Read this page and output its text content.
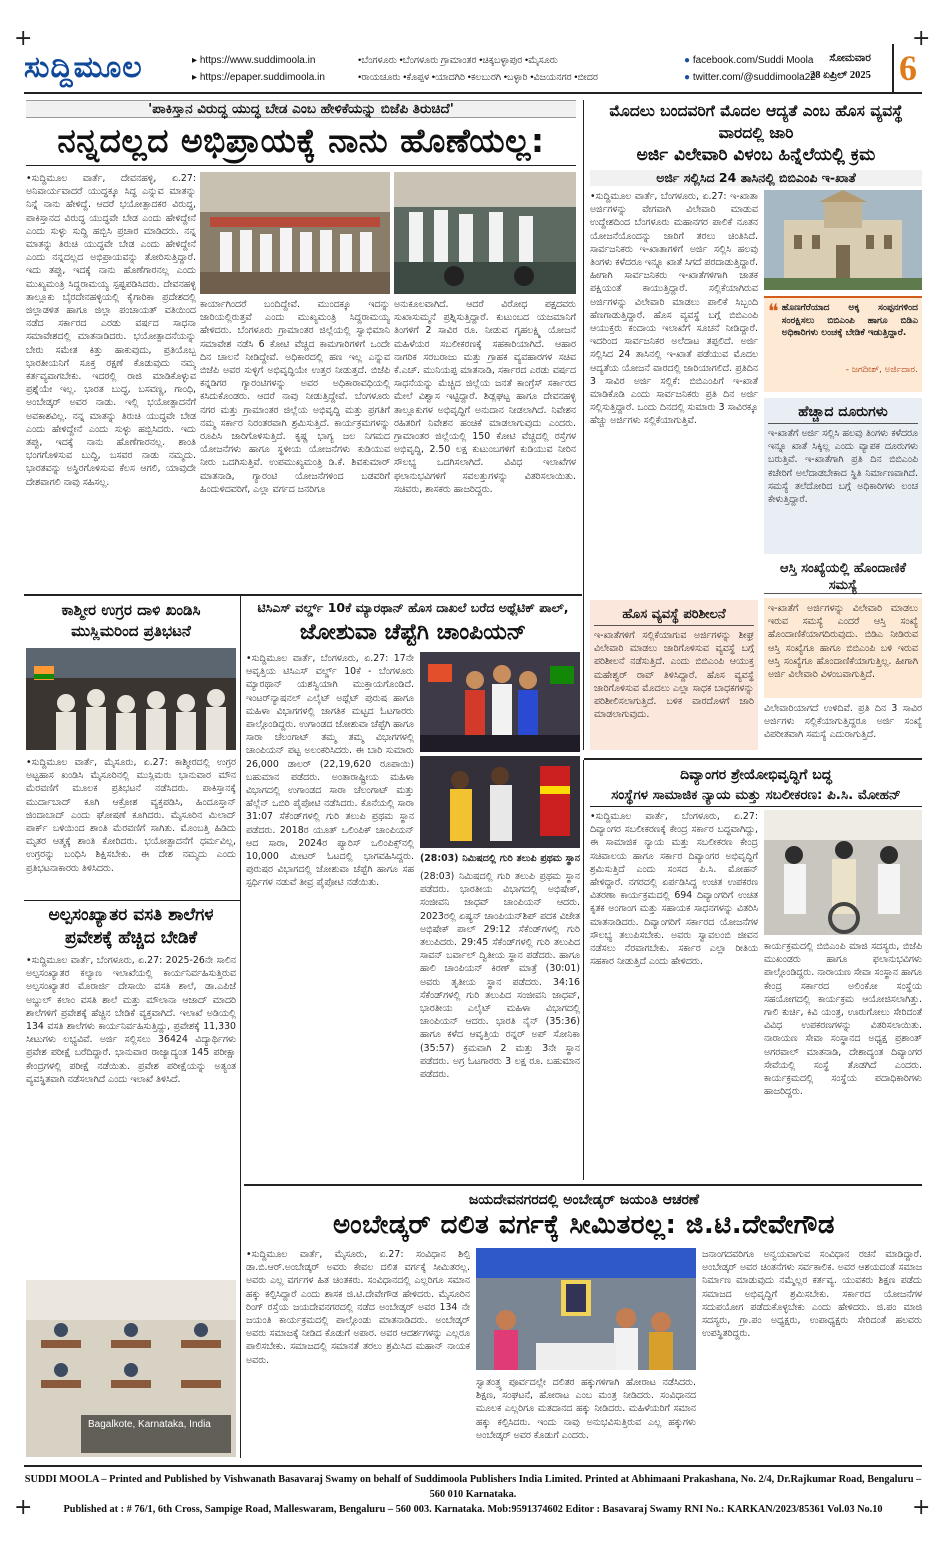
+	+
+	+
ಸುದ್ದಿಮೂಲ	▸ https://www.suddimoola.in
▸ https://epaper.suddimoola.in
•ಬೆಂಗಳೂರು •ಬೆಂಗಳೂರು ಗ್ರಾಮಾಂತರ •ಚಿಕ್ಕಬಳ್ಳಾಪುರ •ಮೈಸೂರು
•ರಾಯಚೂರು •ಕೊಪ್ಪಳ •ಯಾದಗಿರಿ •ಕಲಬುರಗಿ •ಬಳ್ಳಾರಿ •ವಿಜಯನಗರ •ಬೀದರ
● facebook.com/Suddi Moola
● twitter.com/@suddimoola22
ಸೋಮವಾರ
28 ಏಪ್ರಿಲ್ 2025 6
'ಪಾಕಿಸ್ತಾನ ವಿರುದ್ಧ ಯುದ್ಧ ಬೇಡ ಎಂಬ ಹೇಳಿಕೆಯನ್ನು ಬಿಜೆಪಿ ತಿರುಚಿದೆ'
ನನ್ನದಲ್ಲದ ಅಭಿಪ್ರಾಯಕ್ಕೆ ನಾನು ಹೊಣೆಯಲ್ಲ:
•ಸುದ್ದಿಮೂಲ ವಾರ್ತೆ, ದೇವನಹಳ್ಳಿ, ಏ.27: ಅನಿವಾರ್ಯವಾದರೆ ಯುದ್ಧಕ್ಕೂ ಸಿದ್ಧ ಎನ್ನುವ ಮಾತನ್ನು ನಿನ್ನೆ ನಾನು ಹೇಳಿದ್ದೆ. ಆದರೆ ಭಯೋತ್ಪಾದಕರ ವಿರುದ್ಧ, ಪಾಕಿಸ್ತಾನದ ವಿರುದ್ಧ ಯುದ್ಧವೇ ಬೇಡ ಎಂದು ಹೇಳಿದ್ದೇನೆ ಎಂದು ಸುಳ್ಳು ಸುದ್ದಿ ಹಬ್ಬಿಸಿ ಪ್ರಚಾರ ಮಾಡಿದರು. ನನ್ನ ಮಾತನ್ನು ತಿರುಚಿ ಯುದ್ಧವೇ ಬೇಡ ಎಂದು ಹೇಳಿದ್ದೇನೆ ಎಂದು ನನ್ನದಲ್ಲದ ಅಭಿಪ್ರಾಯವನ್ನು ತೋರಿಸುತ್ತಿದ್ದಾರೆ. ಇದು ತಪ್ಪು, ಇದಕ್ಕೆ ನಾನು ಹೊಣೆಗಾರನಲ್ಲ ಎಂದು ಮುಖ್ಯಮಂತ್ರಿ ಸಿದ್ದರಾಮಯ್ಯ ಸ್ಪಷ್ಟಪಡಿಸಿದರು. ದೇವನಹಳ್ಳಿ ತಾಲ್ಲೂಕು ಬೈರದೇನಹಳ್ಳಿಯಲ್ಲಿ ಕೈಗಾರಿಕಾ ಪ್ರದೇಶದಲ್ಲಿ ಜಿಲ್ಲಾಡಳಿತ ಹಾಗೂ ಜಿಲ್ಲಾ ಪಂಚಾಯತ್ ವತಿಯಿಂದ ನಡೆದ ಸರ್ಕಾರದ ಎರಡು ವರ್ಷದ ಸಾಧನಾ ಸಮಾವೇಶದಲ್ಲಿ ಮಾತನಾಡಿದರು. ಭಯೋತ್ಪಾದನೆಯನ್ನು ಬೇರು ಸಮೇತ ಕಿತ್ತು ಹಾಕುವುದು, ಪ್ರತಿಯೊಬ್ಬ ಭಾರತೀಯನಿಗೆ ಸೂಕ್ತ ರಕ್ಷಣೆ ಕೊಡುವುದು ನಮ್ಮ ಕರ್ತವ್ಯವಾಗಬೇಕು. ಇದರಲ್ಲಿ ರಾಜಿ ಮಾಡಿಕೊಳ್ಳುವ ಪ್ರಶ್ನೆಯೇ ಇಲ್ಲ. ಭಾರತ ಬುದ್ಧ, ಬಸವಣ್ಣ, ಗಾಂಧಿ, ಅಂಬೇಡ್ಕರ್ ಅವರ ನಾಡು. ಇಲ್ಲಿ ಭಯೋತ್ಪಾದನೆಗೆ ಅವಕಾಶವಿಲ್ಲ. ನನ್ನ ಮಾತನ್ನು ತಿರುಚಿ ಯುದ್ಧವೇ ಬೇಡ ಎಂದು ಹೇಳಿದ್ದೇನೆ ಎಂದು ಸುಳ್ಳು ಹಬ್ಬಿಸಿದರು. ಇದು ತಪ್ಪು, ಇದಕ್ಕೆ ನಾನು ಹೊಣೆಗಾರನಲ್ಲ. ಶಾಂತಿ ಭಂಗಗೊಳಿಸುವ ಬುದ್ಧಿ, ಬಸವರ ನಾಡು ನಮ್ಮದು. ಭಾರತವನ್ನು ಅಸ್ಥಿರಗೊಳಿಸುವ ಕೆಲಸ ಆಗಲಿ, ಯಾವುದೇ ದೇಶವಾಗಲಿ ನಾವು ಸಹಿಸಲ್ಲ.
ಕಾರ್ಯಾಗಿಂದರೆ ಬಂದಿದ್ದೇವೆ. ಮುಂದಕ್ಕೂ ಇದನ್ನು ಜಾರಿಯಲ್ಲಿರುತ್ತವೆ ಎಂದು ಮುಖ್ಯಮಂತ್ರಿ ಸಿದ್ದರಾಮಯ್ಯ ಹೇಳಿದರು. ಬೆಂಗಳೂರು ಗ್ರಾಮಾಂತರ ಜಿಲ್ಲೆಯಲ್ಲಿ ಸ್ವಾಭಿಮಾನಿ ಸಮಾವೇಶ ನಡೆಸಿ 6 ಕೋಟಿ ವೆಚ್ಚದ ಕಾಮಗಾರಿಗಳಿಗೆ ಒಂದೇ ದಿನ ಚಾಲನೆ ನೀಡಿದ್ದೇವೆ. ಅಧಿಕಾರದಲ್ಲಿ ಹಣ ಇಲ್ಲ ಎನ್ನುವ ಬಿಜೆಪಿ ಅವರ ಸುಳ್ಳಿಗೆ ಅಭಿವೃದ್ಧಿಯೇ ಉತ್ತರ ನೀಡುತ್ತದೆ. ಬಿಜೆಪಿ ಕನ್ನಡಿಗರ ಗ್ಯಾರಂಟಿಗಳನ್ನು ಅವರ ಅಧಿಕಾರಾವಧಿಯಲ್ಲಿ ಕಸಿದುಕೊಂಡರು. ಆದರೆ ನಾವು ನೀಡುತ್ತಿದ್ದೇವೆ. ಬೆಂಗಳೂರು ನಗರ ಮತ್ತು ಗ್ರಾಮಾಂತರ ಜಿಲ್ಲೆಯ ಅಭಿವೃದ್ಧಿ ಮತ್ತು ಪ್ರಗತಿಗೆ ನಮ್ಮ ಸರ್ಕಾರ ನಿರಂತರವಾಗಿ ಶ್ರಮಿಸುತ್ತಿದೆ. ಕಾರ್ಯಕ್ರಮಗಳನ್ನು ರೂಪಿಸಿ ಜಾರಿಗೊಳಿಸುತ್ತಿದೆ. ಕೃಷ್ಣ ಭಾಗ್ಯ ಜಲ ನಿಗಮದ ಯೋಜನೆಗಳು ಹಾಗೂ ಸ್ಥಳೀಯ ಯೋಜನೆಗಳು ಕುಡಿಯುವ ನೀರು ಒದಗಿಸುತ್ತಿವೆ. ಉಪಮುಖ್ಯಮಂತ್ರಿ ಡಿ.ಕೆ. ಶಿವಕುಮಾರ್ ಮಾತನಾಡಿ, ಗ್ಯಾರಂಟಿ ಯೋಜನೆಗಳಿಂದ ಬಡವರಿಗೆ ಹಿಂದುಳಿದವರಿಗೆ, ಎಲ್ಲಾ ವರ್ಗದ ಜನರಿಗೂ
ಅನುಕೂಲವಾಗಿದೆ. ಆದರೆ ವಿರೋಧ ಪಕ್ಷದವರು ಸುಖಾಸುಮ್ಮನೆ ಪ್ರಶ್ನಿಸುತ್ತಿದ್ದಾರೆ. ಕುಟುಂಬದ ಯಜಮಾನಿಗೆ ತಿಂಗಳಿಗೆ 2 ಸಾವಿರ ರೂ. ನೀಡುವ ಗೃಹಲಕ್ಷ್ಮಿ ಯೋಜನೆ ಮಹಿಳೆಯರ ಸಬಲೀಕರಣಕ್ಕೆ ಸಹಕಾರಿಯಾಗಿದೆ. ಆಹಾರ ನಾಗರಿಕ ಸರಬರಾಜು ಮತ್ತು ಗ್ರಾಹಕ ವ್ಯವಹಾರಗಳ ಸಚಿವ ಕೆ.ಎಚ್. ಮುನಿಯಪ್ಪ ಮಾತನಾಡಿ, ಸರ್ಕಾರದ ಎರಡು ವರ್ಷದ ಸಾಧನೆಯನ್ನು ಮೆಚ್ಚಿದ ಜಿಲ್ಲೆಯ ಜನತೆ ಕಾಂಗ್ರೆಸ್ ಸರ್ಕಾರದ ಮೇಲೆ ವಿಶ್ವಾಸ ಇಟ್ಟಿದ್ದಾರೆ. ಶಿಡ್ಲಘಟ್ಟ ಹಾಗೂ ದೇವನಹಳ್ಳಿ ತಾಲ್ಲೂಕುಗಳ ಅಭಿವೃದ್ಧಿಗೆ ಅನುದಾನ ನೀಡಲಾಗಿದೆ. ನಿವೇಶನ ರಹಿತರಿಗೆ ನಿವೇಶನ ಹಂಚಿಕೆ ಮಾಡಲಾಗುವುದು ಎಂದರು. ಗ್ರಾಮಾಂತರ ಜಿಲ್ಲೆಯಲ್ಲಿ 150 ಕೋಟಿ ವೆಚ್ಚದಲ್ಲಿ ರಸ್ತೆಗಳ ಅಭಿವೃದ್ಧಿ, 2.50 ಲಕ್ಷ ಕುಟುಂಬಗಳಿಗೆ ಕುಡಿಯುವ ನೀರಿನ ಸೌಲಭ್ಯ ಒದಗಿಸಲಾಗಿದೆ. ವಿವಿಧ ಇಲಾಖೆಗಳ ಫಲಾನುಭವಿಗಳಿಗೆ ಸವಲತ್ತುಗಳನ್ನು ವಿತರಿಸಲಾಯಿತು. ಸಚಿವರು, ಶಾಸಕರು ಹಾಜರಿದ್ದರು.
ಮೊದಲು ಬಂದವರಿಗೆ ಮೊದಲ ಆದ್ಯತೆ ಎಂಬ ಹೊಸ ವ್ಯವಸ್ಥೆ ವಾರದಲ್ಲಿ ಜಾರಿ
ಅರ್ಜಿ ವಿಲೇವಾರಿ ವಿಳಂಬ ಹಿನ್ನೆಲೆಯಲ್ಲಿ ಕ್ರಮ
ಅರ್ಜಿ ಸಲ್ಲಿಸಿದ 24 ತಾಸಿನಲ್ಲಿ ಬಿಬಿಎಂಪಿ ಇ-ಖಾತೆ
•ಸುದ್ದಿಮೂಲ ವಾರ್ತೆ, ಬೆಂಗಳೂರು, ಏ.27: ಇ-ಖಾತಾ ಅರ್ಜಿಗಳನ್ನು ವೇಗವಾಗಿ ವಿಲೇವಾರಿ ಮಾಡುವ ಉದ್ದೇಶದಿಂದ ಬೆಂಗಳೂರು ಮಹಾನಗರ ಪಾಲಿಕೆ ನೂತನ ಯೋಜನೆಯೊಂದನ್ನು ಜಾರಿಗೆ ತರಲು ಚಿಂತಿಸಿದೆ. ಸಾರ್ವಜನಿಕರು ಇ-ಖಾತಾಗಳಿಗೆ ಅರ್ಜಿ ಸಲ್ಲಿಸಿ ಹಲವು ತಿಂಗಳು ಕಳೆದರೂ ಇನ್ನೂ ಖಾತೆ ಸಿಗದೆ ಪರದಾಡುತ್ತಿದ್ದಾರೆ. ಹೀಗಾಗಿ ಸಾರ್ವಜನಿಕರು ಇ-ಖಾತೆಗಳಿಗಾಗಿ ಜಾತಕ ಪಕ್ಷಿಯಂತೆ ಕಾಯುತ್ತಿದ್ದಾರೆ. ಸಲ್ಲಿಕೆಯಾಗಿರುವ ಅರ್ಜಿಗಳನ್ನು ವಿಲೇವಾರಿ ಮಾಡಲು ಪಾಲಿಕೆ ಸಿಬ್ಬಂದಿ ಹೆಣಗಾಡುತ್ತಿದ್ದಾರೆ. ಹೊಸ ವ್ಯವಸ್ಥೆ ಬಗ್ಗೆ ಬಿಬಿಎಂಪಿ ಆಯುಕ್ತರು ಕಂದಾಯ ಇಲಾಖೆಗೆ ಸೂಚನೆ ನೀಡಿದ್ದಾರೆ. ಇದರಿಂದ ಸಾರ್ವಜನಿಕರ ಅಲೆದಾಟ ತಪ್ಪಲಿದೆ. ಅರ್ಜಿ ಸಲ್ಲಿಸಿದ 24 ತಾಸಿನಲ್ಲಿ ಇ-ಖಾತೆ ಪಡೆಯುವ ಮೊದಲ ಆದ್ಯತೆಯ ಯೋಜನೆ ವಾರದಲ್ಲಿ ಜಾರಿಯಾಗಲಿದೆ. ಪ್ರತಿದಿನ 3 ಸಾವಿರ ಅರ್ಜಿ ಸಲ್ಲಿಕೆ: ಬಿಬಿಎಂಪಿಗೆ ಇ-ಖಾತೆ ಮಾಡಿಕೊಡಿ ಎಂದು ಸಾರ್ವಜನಿಕರು ಪ್ರತಿ ದಿನ ಅರ್ಜಿ ಸಲ್ಲಿಸುತ್ತಿದ್ದಾರೆ. ಒಂದು ದಿನದಲ್ಲಿ ಸುಮಾರು 3 ಸಾವಿರಕ್ಕೂ ಹೆಚ್ಚು ಅರ್ಜಿಗಳು ಸಲ್ಲಿಕೆಯಾಗುತ್ತಿವೆ.
❝ ಹೊಣಗೆರೆಯಾದ ಅಕ್ಕ ಸಂಪ್ಪನಗಳಿಂದ ಸಂರಕ್ಷಿಸಲು ಬಿಬಿಎಂಪಿ ಹಾಗೂ ಬಿಡಿಎ ಅಧಿಕಾರಿಗಳು ಲಂಚಕ್ಕೆ ಬೇಡಿಕೆ ಇಡುತ್ತಿದ್ದಾರೆ.
- ಜಗದೀಶ್, ಅರ್ಜಿದಾರ.
ಹೆಚ್ಚಾದ ದೂರುಗಳು
ಇ-ಖಾತೆಗೆ ಅರ್ಜಿ ಸಲ್ಲಿಸಿ ಹಲವು ತಿಂಗಳು ಕಳೆದರೂ ಇನ್ನೂ ಖಾತೆ ಸಿಕ್ಕಿಲ್ಲ ಎಂದು ವ್ಯಾಪಕ ದೂರುಗಳು ಬರುತ್ತಿವೆ. ಇ-ಖಾತೆಗಾಗಿ ಪ್ರತಿ ದಿನ ಬಿಬಿಎಂಪಿ ಕಚೇರಿಗೆ ಅಲೆದಾಡಬೇಕಾದ ಸ್ಥಿತಿ ನಿರ್ಮಾಣವಾಗಿದೆ. ಸಮಸ್ಯೆ ತಲೆದೋರಿದ ಬಗ್ಗೆ ಅಧಿಕಾರಿಗಳು ಲಂಚ ಕೇಳುತ್ತಿದ್ದಾರೆ.
ಆಸ್ತಿ ಸಂಖ್ಯೆಯಲ್ಲಿ ಹೊಂದಾಣಿಕೆ ಸಮಸ್ಯೆ
ಹೊಸ ವ್ಯವಸ್ಥೆ ಪರಿಶೀಲನೆ
ಇ-ಖಾತೆಗಳಿಗೆ ಸಲ್ಲಿಕೆಯಾಗುವ ಅರ್ಜಿಗಳನ್ನು ಶೀಘ್ರ ವಿಲೇವಾರಿ ಮಾಡಲು ಜಾರಿಗೊಳಿಸುವ ವ್ಯವಸ್ಥೆ ಬಗ್ಗೆ ಪರಿಶೀಲನೆ ನಡೆಸುತ್ತಿದೆ. ಎಂದು ಬಿಬಿಎಂಪಿ ಆಯುಕ್ತ ಮಹೇಶ್ವರ್ ರಾವ್ ತಿಳಿಸಿದ್ದಾರೆ. ಹೊಸ ವ್ಯವಸ್ಥೆ ಜಾರಿಗೊಳಿಸುವ ಮೊದಲು ಎಲ್ಲಾ ಸಾಧಕ ಬಾಧಕಗಳನ್ನು ಪರಿಶೀಲಿಸಲಾಗುತ್ತಿದೆ. ಬಳಿಕ ವಾರದೊಳಗೆ ಜಾರಿ ಮಾಡಲಾಗುವುದು.
ಇ-ಖಾತೆಗೆ ಅರ್ಜಿಗಳನ್ನು ವಿಲೇವಾರಿ ಮಾಡಲು ಇರುವ ಸಮಸ್ಯೆ ಎಂದರೆ ಆಸ್ತಿ ಸಂಖ್ಯೆ ಹೊಂದಾಣಿಕೆಯಾಗದಿರುವುದು. ಬಿಡಿಎ ನೀಡಿರುವ ಆಸ್ತಿ ಸಂಖ್ಯೆಗೂ ಹಾಗೂ ಬಿಬಿಎಂಪಿ ಬಳಿ ಇರುವ ಆಸ್ತಿ ಸಂಖ್ಯೆಗೂ ಹೊಂದಾಣಿಕೆಯಾಗುತ್ತಿಲ್ಲ. ಹೀಗಾಗಿ ಅರ್ಜಿ ವಿಲೇವಾರಿ ವಿಳಂಬವಾಗುತ್ತಿದೆ.
ವಿಲೇವಾರಿಯಾಗದೆ ಉಳಿದಿವೆ. ಪ್ರತಿ ದಿನ 3 ಸಾವಿರ ಅರ್ಜಿಗಳು ಸಲ್ಲಿಕೆಯಾಗುತ್ತಿದ್ದರೂ ಅರ್ಜಿ ಸಂಖ್ಯೆ ವಿಪರೀತವಾಗಿ ಸಮಸ್ಯೆ ಎದುರಾಗುತ್ತಿದೆ.
ಕಾಶ್ಮೀರ ಉಗ್ರರ ದಾಳಿ ಖಂಡಿಸಿ ಮುಸ್ಲಿಮರಿಂದ ಪ್ರತಿಭಟನೆ
•ಸುದ್ದಿಮೂಲ ವಾರ್ತೆ, ಮೈಸೂರು, ಏ.27: ಕಾಶ್ಮೀರದಲ್ಲಿ ಉಗ್ರರ ಅಟ್ಟಹಾಸ ಖಂಡಿಸಿ ಮೈಸೂರಿನಲ್ಲಿ ಮುಸ್ಲಿಮರು ಭಾನುವಾರ ಮೌನ ಮೆರವಣಿಗೆ ಮೂಲಕ ಪ್ರತಿಭಟನೆ ನಡೆಸಿದರು. ಪಾಕಿಸ್ತಾನಕ್ಕೆ ಮುರ್ದಾಬಾದ್ ಕೂಗಿ ಆಕ್ರೋಶ ವ್ಯಕ್ತಪಡಿಸಿ, ಹಿಂದೂಸ್ತಾನ್ ಜಿಂದಾಬಾದ್ ಎಂದು ಘೋಷಣೆ ಕೂಗಿದರು. ಮೈಸೂರಿನ ಮಿಲಾದ್ ಪಾರ್ಕ್ ಬಳಿಯಿಂದ ಶಾಂತಿ ಮೆರವಣಿಗೆ ಸಾಗಿತು. ಮೊಂಬತ್ತಿ ಹಿಡಿದು ಮೃತರ ಆತ್ಮಕ್ಕೆ ಶಾಂತಿ ಕೋರಿದರು. ಭಯೋತ್ಪಾದನೆಗೆ ಧರ್ಮವಿಲ್ಲ, ಉಗ್ರರನ್ನು ಬಂಧಿಸಿ ಶಿಕ್ಷಿಸಬೇಕು. ಈ ದೇಶ ನಮ್ಮದು ಎಂದು ಪ್ರತಿಭಟನಾಕಾರರು ತಿಳಿಸಿದರು.
ಅಲ್ಪಸಂಖ್ಯಾತರ ವಸತಿ ಶಾಲೆಗಳ ಪ್ರವೇಶಕ್ಕೆ ಹೆಚ್ಚಿದ ಬೇಡಿಕೆ
•ಸುದ್ದಿಮೂಲ ವಾರ್ತೆ, ಬೆಂಗಳೂರು, ಏ.27: 2025-26ನೇ ಸಾಲಿನ ಅಲ್ಪಸಂಖ್ಯಾತರ ಕಲ್ಯಾಣ ಇಲಾಖೆಯಲ್ಲಿ ಕಾರ್ಯನಿರ್ವಹಿಸುತ್ತಿರುವ ಅಲ್ಪಸಂಖ್ಯಾತರ ಮೊರಾರ್ಜಿ ದೇಸಾಯಿ ವಸತಿ ಶಾಲೆ, ಡಾ.ಎಪಿಜೆ ಅಬ್ದುಲ್ ಕಲಾಂ ವಸತಿ ಶಾಲೆ ಮತ್ತು ಮೌಲಾನಾ ಆಜಾದ್ ಮಾದರಿ ಶಾಲೆಗಳಿಗೆ ಪ್ರವೇಶಕ್ಕೆ ಹೆಚ್ಚಿನ ಬೇಡಿಕೆ ವ್ಯಕ್ತವಾಗಿದೆ. ಇಲಾಖೆ ಅಡಿಯಲ್ಲಿ 134 ವಸತಿ ಶಾಲೆಗಳು ಕಾರ್ಯನಿರ್ವಹಿಸುತ್ತಿದ್ದು, ಪ್ರವೇಶಕ್ಕೆ 11,330 ಸೀಟುಗಳು ಲಭ್ಯವಿವೆ. ಅರ್ಜಿ ಸಲ್ಲಿಸಲು 36424 ವಿದ್ಯಾರ್ಥಿಗಳು ಪ್ರವೇಶ ಪರೀಕ್ಷೆ ಬರೆದಿದ್ದಾರೆ. ಭಾನುವಾರ ರಾಜ್ಯಾದ್ಯಂತ 145 ಪರೀಕ್ಷಾ ಕೇಂದ್ರಗಳಲ್ಲಿ ಪರೀಕ್ಷೆ ನಡೆಯಿತು. ಪ್ರವೇಶ ಪರೀಕ್ಷೆಯನ್ನು ಅತ್ಯಂತ ವ್ಯವಸ್ಥಿತವಾಗಿ ನಡೆಸಲಾಗಿದೆ ಎಂದು ಇಲಾಖೆ ತಿಳಿಸಿದೆ.
Bagalkote, Karnataka, India
ಟಿಸಿಎಸ್ ವರ್ಲ್ಡ್ 10ಕೆ ಮ್ಯಾರಥಾನ್ ಹೊಸ ದಾಖಲೆ ಬರೆದ ಅಥ್ಲೆಟಿಕ್ ಪಾಲ್,
ಜೋಶುವಾ ಚೆಪ್ಟೆಗಿ ಚಾಂಪಿಯನ್
•ಸುದ್ದಿಮೂಲ ವಾರ್ತೆ, ಬೆಂಗಳೂರು, ಏ.27: 17ನೇ ಆವೃತ್ತಿಯ ಟಿಸಿಎಸ್ ವರ್ಲ್ಡ್ 10ಕೆ - ಬೆಂಗಳೂರು ಮ್ಯಾರಥಾನ್ ಯಶಸ್ವಿಯಾಗಿ ಮುಕ್ತಾಯಗೊಂಡಿದೆ. ಇಂಟರ್‌ನ್ಯಾಷನಲ್ ಎಲೈಟ್ ಅಥ್ಲೆಟ್ ಪುರುಷ ಹಾಗೂ ಮಹಿಳಾ ವಿಭಾಗಗಳಲ್ಲಿ ಜಾಗತಿಕ ಮಟ್ಟದ ಓಟಗಾರರು ಪಾಲ್ಗೊಂಡಿದ್ದರು. ಉಗಾಂಡದ ಜೋಶುವಾ ಚೆಪ್ಟೆಗಿ ಹಾಗೂ ಸಾರಾ ಚೆಲಂಗಾಟ್ ತಮ್ಮ ತಮ್ಮ ವಿಭಾಗಗಳಲ್ಲಿ ಚಾಂಪಿಯನ್ ಪಟ್ಟ ಅಲಂಕರಿಸಿದರು. ಈ ಬಾರಿ ಸುಮಾರು 26,000 ಡಾಲರ್ (22,19,620 ರೂಪಾಯಿ) ಬಹುಮಾನ ಪಡೆದರು. ಅಂತಾರಾಷ್ಟ್ರೀಯ ಮಹಿಳಾ ವಿಭಾಗದಲ್ಲಿ ಉಗಾಂಡದ ಸಾರಾ ಚೆಲಂಗಾಟ್ ಮತ್ತು ಹೆಲ್ಲೆನ್ ಒಬಿರಿ ಪೈಪೋಟಿ ನಡೆಸಿದರು. ಕೊನೆಯಲ್ಲಿ ಸಾರಾ 31:07 ಸೆಕೆಂಡ್‌ಗಳಲ್ಲಿ ಗುರಿ ತಲುಪಿ ಪ್ರಥಮ ಸ್ಥಾನ ಪಡೆದರು. 2018ರ ಯೂತ್ ಒಲಿಂಪಿಕ್ ಚಾಂಪಿಯನ್ ಆದ ಸಾರಾ, 2024ರ ಪ್ಯಾರಿಸ್ ಒಲಿಂಪಿಕ್ಸ್‌ನಲ್ಲಿ 10,000 ಮೀಟರ್ ಓಟದಲ್ಲಿ ಭಾಗವಹಿಸಿದ್ದರು. ಪುರುಷರ ವಿಭಾಗದಲ್ಲಿ ಜೋಶುವಾ ಚೆಪ್ಟೆಗಿ ಹಾಗೂ ಸಹ ಸ್ಪರ್ಧಿಗಳ ನಡುವೆ ತೀವ್ರ ಪೈಪೋಟಿ ನಡೆಯಿತು.
(28:03) ನಿಮಿಷದಲ್ಲಿ ಗುರಿ ತಲುಪಿ ಪ್ರಥಮ ಸ್ಥಾನ
(28:03) ನಿಮಿಷದಲ್ಲಿ ಗುರಿ ತಲುಪಿ ಪ್ರಥಮ ಸ್ಥಾನ ಪಡೆದರು. ಭಾರತೀಯ ವಿಭಾಗದಲ್ಲಿ ಅಭಿಷೇಕ್, ಸಂಜೀವನಿ ಜಾಧವ್ ಚಾಂಪಿಯನ್ ಆದರು. 2023ರಲ್ಲಿ ಏಷ್ಯನ್ ಚಾಂಪಿಯನ್‌ಶಿಪ್ ಪದಕ ವಿಜೇತ ಅಭಿಷೇಕ್ ಪಾಲ್ 29:12 ಸೆಕೆಂಡ್‌ಗಳಲ್ಲಿ ಗುರಿ ತಲುಪಿದರು. 29:45 ಸೆಕೆಂಡ್‌ಗಳಲ್ಲಿ ಗುರಿ ತಲುಪಿದ ಸಾವನ್ ಬರ್ವಾಲ್ ದ್ವಿತೀಯ ಸ್ಥಾನ ಪಡೆದರು. ಹಾಗೂ ಹಾಲಿ ಚಾಂಪಿಯನ್ ಕಿರಣ್ ಮಾತ್ರೆ (30:01) ಅವರು ತೃತೀಯ ಸ್ಥಾನ ಪಡೆದರು. 34:16 ಸೆಕೆಂಡ್‌ಗಳಲ್ಲಿ ಗುರಿ ತಲುಪಿದ ಸಂಜೀವನಿ ಜಾಧವ್, ಭಾರತೀಯ ಎಲೈಟ್ ಮಹಿಳಾ ವಿಭಾಗದಲ್ಲಿ ಚಾಂಪಿಯನ್ ಆದರು. ಭಾರತಿ ನೈನ್ (35:36) ಹಾಗೂ ಕಳೆದ ಆವೃತ್ತಿಯ ರನ್ನರ್ ಅಪ್ ಸೋನಿಕಾ (35:57) ಕ್ರಮವಾಗಿ 2 ಮತ್ತು 3ನೇ ಸ್ಥಾನ ಪಡೆದರು. ಅಗ್ರ ಓಟಗಾರರು 3 ಲಕ್ಷ ರೂ. ಬಹುಮಾನ ಪಡೆದರು.
ದಿವ್ಯಾಂಗರ ಶ್ರೇಯೋಭಿವೃದ್ಧಿಗೆ ಬದ್ಧ
ಸಂಸ್ಥೆಗಳ ಸಾಮಾಜಿಕ ನ್ಯಾಯ ಮತ್ತು ಸಬಲೀಕರಣ: ಪಿ.ಸಿ. ಮೋಹನ್
•ಸುದ್ದಿಮೂಲ ವಾರ್ತೆ, ಬೆಂಗಳೂರು, ಏ.27: ದಿವ್ಯಾಂಗರ ಸಬಲೀಕರಣಕ್ಕೆ ಕೇಂದ್ರ ಸರ್ಕಾರ ಬದ್ಧವಾಗಿದ್ದು, ಈ ಸಾಮಾಜಿಕ ನ್ಯಾಯ ಮತ್ತು ಸಬಲೀಕರಣ ಕೇಂದ್ರ ಸಚಿವಾಲಯ ಹಾಗೂ ಸರ್ಕಾರ ದಿವ್ಯಾಂಗರ ಅಭಿವೃದ್ಧಿಗೆ ಶ್ರಮಿಸುತ್ತಿದೆ ಎಂದು ಸಂಸದ ಪಿ.ಸಿ. ಮೋಹನ್ ಹೇಳಿದ್ದಾರೆ. ನಗರದಲ್ಲಿ ಏರ್ಪಡಿಸಿದ್ದ ಉಚಿತ ಉಪಕರಣ ವಿತರಣಾ ಕಾರ್ಯಕ್ರಮದಲ್ಲಿ 694 ದಿವ್ಯಾಂಗರಿಗೆ ಉಚಿತ ಕೃತಕ ಅಂಗಾಂಗ ಮತ್ತು ಸಹಾಯಕ ಸಾಧನಗಳನ್ನು ವಿತರಿಸಿ ಮಾತನಾಡಿದರು. ದಿವ್ಯಾಂಗರಿಗೆ ಸರ್ಕಾರದ ಯೋಜನೆಗಳ ಸೌಲಭ್ಯ ತಲುಪಿಸಬೇಕು. ಅವರು ಸ್ವಾವಲಂಬಿ ಜೀವನ ನಡೆಸಲು ನೆರವಾಗಬೇಕು. ಸರ್ಕಾರ ಎಲ್ಲಾ ರೀತಿಯ ಸಹಕಾರ ನೀಡುತ್ತಿದೆ ಎಂದು ಹೇಳಿದರು.
ಕಾರ್ಯಕ್ರಮದಲ್ಲಿ ಬಿಬಿಎಂಪಿ ಮಾಜಿ ಸದಸ್ಯರು, ಬಿಜೆಪಿ ಮುಖಂಡರು ಹಾಗೂ ಫಲಾನುಭವಿಗಳು ಪಾಲ್ಗೊಂಡಿದ್ದರು. ನಾರಾಯಣ ಸೇವಾ ಸಂಸ್ಥಾನ ಹಾಗೂ ಕೇಂದ್ರ ಸರ್ಕಾರದ ಅಲಿಂಕೋ ಸಂಸ್ಥೆಯ ಸಹಯೋಗದಲ್ಲಿ ಕಾರ್ಯಕ್ರಮ ಆಯೋಜಿಸಲಾಗಿತ್ತು. ಗಾಲಿ ಕುರ್ಚಿ, ಕಿವಿ ಯಂತ್ರ, ಊರುಗೋಲು ಸೇರಿದಂತೆ ವಿವಿಧ ಉಪಕರಣಗಳನ್ನು ವಿತರಿಸಲಾಯಿತು. ನಾರಾಯಣ ಸೇವಾ ಸಂಸ್ಥಾನದ ಅಧ್ಯಕ್ಷ ಪ್ರಶಾಂತ್ ಅಗರವಾಲ್ ಮಾತನಾಡಿ, ದೇಶಾದ್ಯಂತ ದಿವ್ಯಾಂಗರ ಸೇವೆಯಲ್ಲಿ ಸಂಸ್ಥೆ ತೊಡಗಿದೆ ಎಂದರು. ಕಾರ್ಯಕ್ರಮದಲ್ಲಿ ಸಂಸ್ಥೆಯ ಪದಾಧಿಕಾರಿಗಳು ಹಾಜರಿದ್ದರು.
ಜಯದೇವನಗರದಲ್ಲಿ ಅಂಬೇಡ್ಕರ್ ಜಯಂತಿ ಆಚರಣೆ
ಅಂಬೇಡ್ಕರ್ ದಲಿತ ವರ್ಗಕ್ಕೆ ಸೀಮಿತರಲ್ಲ: ಜಿ.ಟಿ.ದೇವೇಗೌಡ
•ಸುದ್ದಿಮೂಲ ವಾರ್ತೆ, ಮೈಸೂರು, ಏ.27: ಸಂವಿಧಾನ ಶಿಲ್ಪಿ ಡಾ.ಬಿ.ಆರ್.ಅಂಬೇಡ್ಕರ್ ಅವರು ಕೇವಲ ದಲಿತ ವರ್ಗಕ್ಕೆ ಸೀಮಿತರಲ್ಲ. ಅವರು ಎಲ್ಲ ವರ್ಗಗಳ ಹಿತ ಚಿಂತಕರು. ಸಂವಿಧಾನದಲ್ಲಿ ಎಲ್ಲರಿಗೂ ಸಮಾನ ಹಕ್ಕು ಕಲ್ಪಿಸಿದ್ದಾರೆ ಎಂದು ಶಾಸಕ ಜಿ.ಟಿ.ದೇವೇಗೌಡ ಹೇಳಿದರು. ಮೈಸೂರಿನ ರಿಂಗ್ ರಸ್ತೆಯ ಜಯದೇವನಗರದಲ್ಲಿ ನಡೆದ ಅಂಬೇಡ್ಕರ್ ಅವರ 134 ನೇ ಜಯಂತಿ ಕಾರ್ಯಕ್ರಮದಲ್ಲಿ ಪಾಲ್ಗೊಂಡು ಮಾತನಾಡಿದರು. ಅಂಬೇಡ್ಕರ್ ಅವರು ಸಮಾಜಕ್ಕೆ ನೀಡಿದ ಕೊಡುಗೆ ಅಪಾರ. ಅವರ ಆದರ್ಶಗಳನ್ನು ಎಲ್ಲರೂ ಪಾಲಿಸಬೇಕು. ಸಮಾಜದಲ್ಲಿ ಸಮಾನತೆ ತರಲು ಶ್ರಮಿಸಿದ ಮಹಾನ್ ನಾಯಕ ಅವರು.
ಸ್ವಾತಂತ್ರ್ಯ ಪೂರ್ವದಲ್ಲೇ ದಲಿತರ ಹಕ್ಕುಗಳಿಗಾಗಿ ಹೋರಾಟ ನಡೆಸಿದರು. ಶಿಕ್ಷಣ, ಸಂಘಟನೆ, ಹೋರಾಟ ಎಂಬ ಮಂತ್ರ ನೀಡಿದರು. ಸಂವಿಧಾನದ ಮೂಲಕ ಎಲ್ಲರಿಗೂ ಮತದಾನದ ಹಕ್ಕು ನೀಡಿದರು. ಮಹಿಳೆಯರಿಗೆ ಸಮಾನ ಹಕ್ಕು ಕಲ್ಪಿಸಿದರು. ಇಂದು ನಾವು ಅನುಭವಿಸುತ್ತಿರುವ ಎಲ್ಲ ಹಕ್ಕುಗಳು ಅಂಬೇಡ್ಕರ್ ಅವರ ಕೊಡುಗೆ ಎಂದರು.
ಜನಾಂಗದವರಿಗೂ ಅನ್ವಯವಾಗುವ ಸಂವಿಧಾನ ರಚನೆ ಮಾಡಿದ್ದಾರೆ. ಅಂಬೇಡ್ಕರ್ ಅವರ ಚಿಂತನೆಗಳು ಸರ್ವಕಾಲಿಕ. ಅವರ ಆಶಯದಂತೆ ಸಮಾಜ ನಿರ್ಮಾಣ ಮಾಡುವುದು ನಮ್ಮೆಲ್ಲರ ಕರ್ತವ್ಯ. ಯುವಕರು ಶಿಕ್ಷಣ ಪಡೆದು ಸಮಾಜದ ಅಭಿವೃದ್ಧಿಗೆ ಶ್ರಮಿಸಬೇಕು. ಸರ್ಕಾರದ ಯೋಜನೆಗಳ ಸದುಪಯೋಗ ಪಡೆದುಕೊಳ್ಳಬೇಕು ಎಂದು ಹೇಳಿದರು. ಜಿ.ಪಂ ಮಾಜಿ ಸದಸ್ಯರು, ಗ್ರಾ.ಪಂ ಅಧ್ಯಕ್ಷರು, ಉಪಾಧ್ಯಕ್ಷರು ಸೇರಿದಂತೆ ಹಲವರು ಉಪಸ್ಥಿತರಿದ್ದರು.
SUDDI MOOLA – Printed and Published by Vishwanath Basavaraj Swamy on behalf of Suddimoola Publishers India Limited. Printed at Abhimaani Prakashana, No. 2/4, Dr.Rajkumar Road, Bengaluru – 560 010 Karnataka.
Published at : # 76/1, 6th Cross, Sampige Road, Malleswaram, Bengaluru – 560 003. Karnataka. Mob:9591374602 Editor : Basavaraj Swamy RNI No.: KARKAN/2023/85361 Vol.03 No.10
